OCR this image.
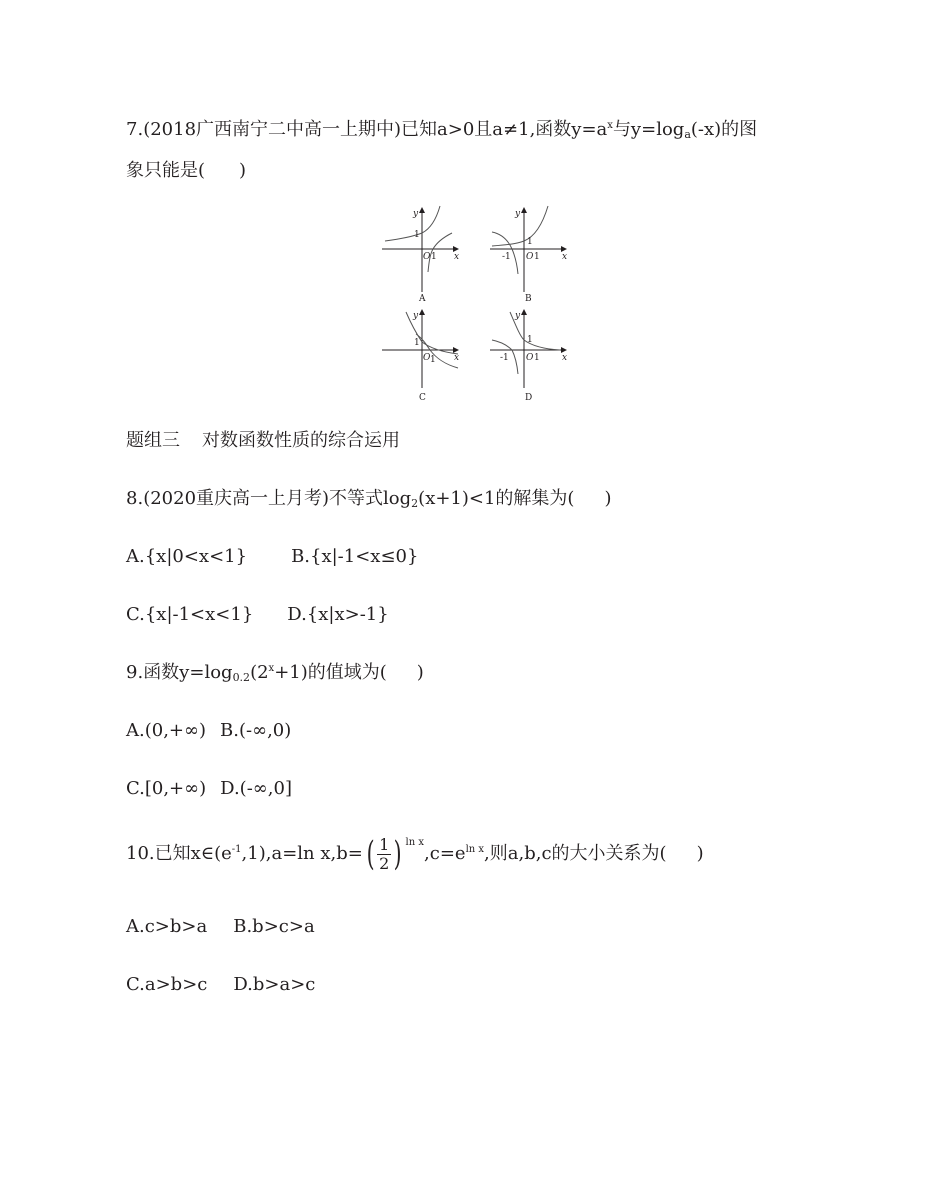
7.(2018广西南宁二中高一上期中)已知a>0且a≠1,函数$y=a^x$与$y=\log_a(-x)$的图
象只能是( )
y
x
1
O 1
A
y
x
1
-1 O 1
B
y
x
1
O 1
C
y
x
1
-1 O 1
D
题组三 对数函数性质的综合运用
8.(2020重庆高一上月考)不等式$\log_2(x+1)<1$的解集为( )
A.{x|0<x<1} B.{x|-1<x≤0}
C.{x|-1<x<1} D.{x|x>-1}
9.函数$y=\log_{0.2}(2^x+1)$的值域为( )
A.(0,+∞) B.(-∞,0)
C.[0,+∞) D.(-∞,0]
10.已知$x\in(e^{-1},1),a=\ln$ x,b= ( $\frac{1}{2}$ ) $^{ln x},c=e^{ln x}$,则a,b,c的大小关系为( )
A.c>b>a B.b>c>a
C.a>b>c D.b>a>c
